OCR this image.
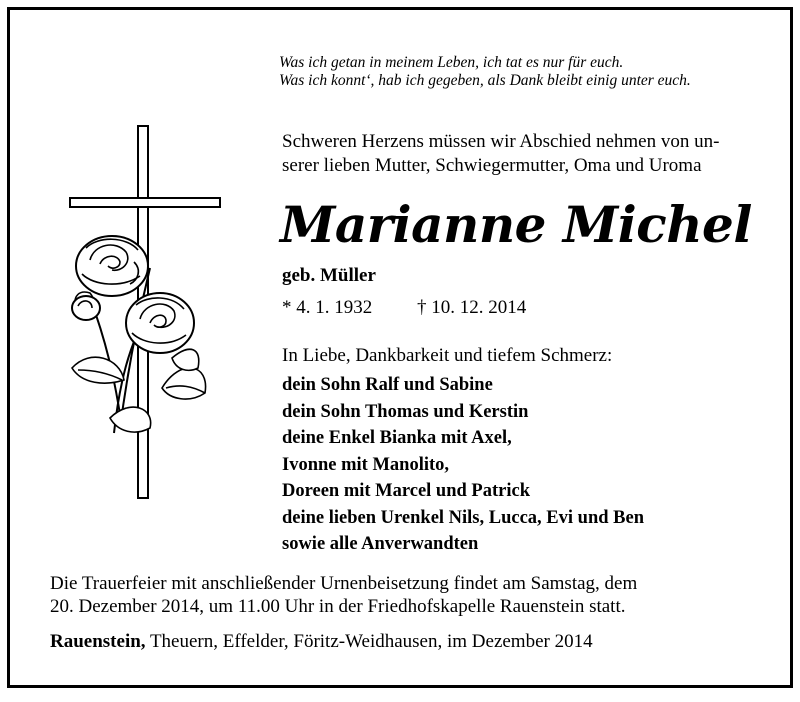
Was ich getan in meinem Leben, ich tat es nur für euch.
Was ich konnt‘, hab ich gegeben, als Dank bleibt einig unter euch.
Schweren Herzens müssen wir Abschied nehmen von un-
serer lieben Mutter, Schwiegermutter, Oma und Uroma
Marianne Michel
geb. Müller
* 4. 1. 1932	† 10. 12. 2014
In Liebe, Dankbarkeit und tiefem Schmerz:
dein Sohn Ralf und Sabine
dein Sohn Thomas und Kerstin
deine Enkel Bianka mit Axel,
Ivonne mit Manolito,
Doreen mit Marcel und Patrick
deine lieben Urenkel Nils, Lucca, Evi und Ben
sowie alle Anverwandten
Die Trauerfeier mit anschließender Urnenbeisetzung findet am Samstag, dem
20. Dezember 2014, um 11.00 Uhr in der Friedhofskapelle Rauenstein statt.
Rauenstein, Theuern, Effelder, Föritz-Weidhausen, im Dezember 2014
